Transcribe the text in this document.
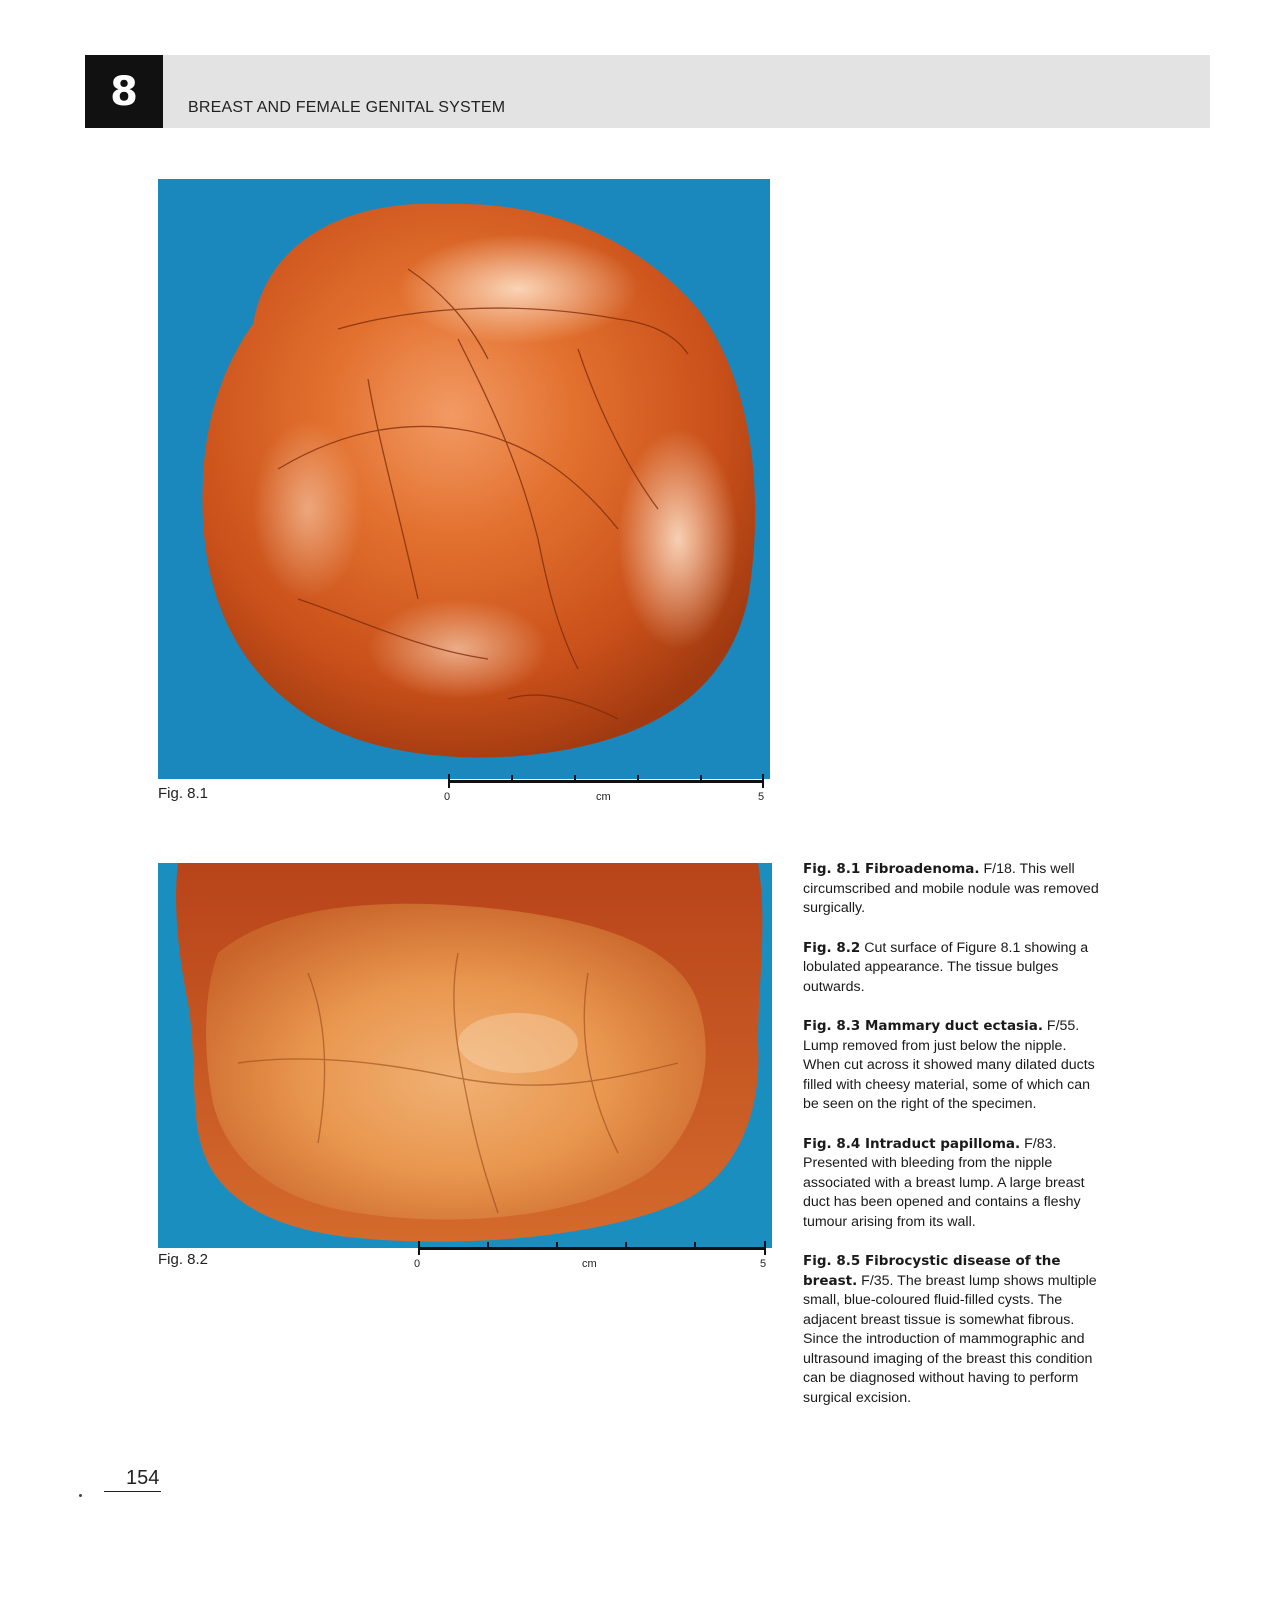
8	BREAST AND FEMALE GENITAL SYSTEM
Fig. 8.1	0	cm	5
Fig. 8.2	0	cm	5

Fig. 8.1 Fibroadenoma. F/18. This well circumscribed and mobile nodule was removed surgically.

Fig. 8.2 Cut surface of Figure 8.1 showing a lobulated appearance. The tissue bulges outwards.

Fig. 8.3 Mammary duct ectasia. F/55. Lump removed from just below the nipple. When cut across it showed many dilated ducts filled with cheesy material, some of which can be seen on the right of the specimen.

Fig. 8.4 Intraduct papilloma. F/83. Presented with bleeding from the nipple associated with a breast lump. A large breast duct has been opened and contains a fleshy tumour arising from its wall.

Fig. 8.5 Fibrocystic disease of the breast. F/35. The breast lump shows multiple small, blue-coloured fluid-filled cysts. The adjacent breast tissue is somewhat fibrous. Since the introduction of mammographic and ultrasound imaging of the breast this condition can be diagnosed without having to perform surgical excision.

154
